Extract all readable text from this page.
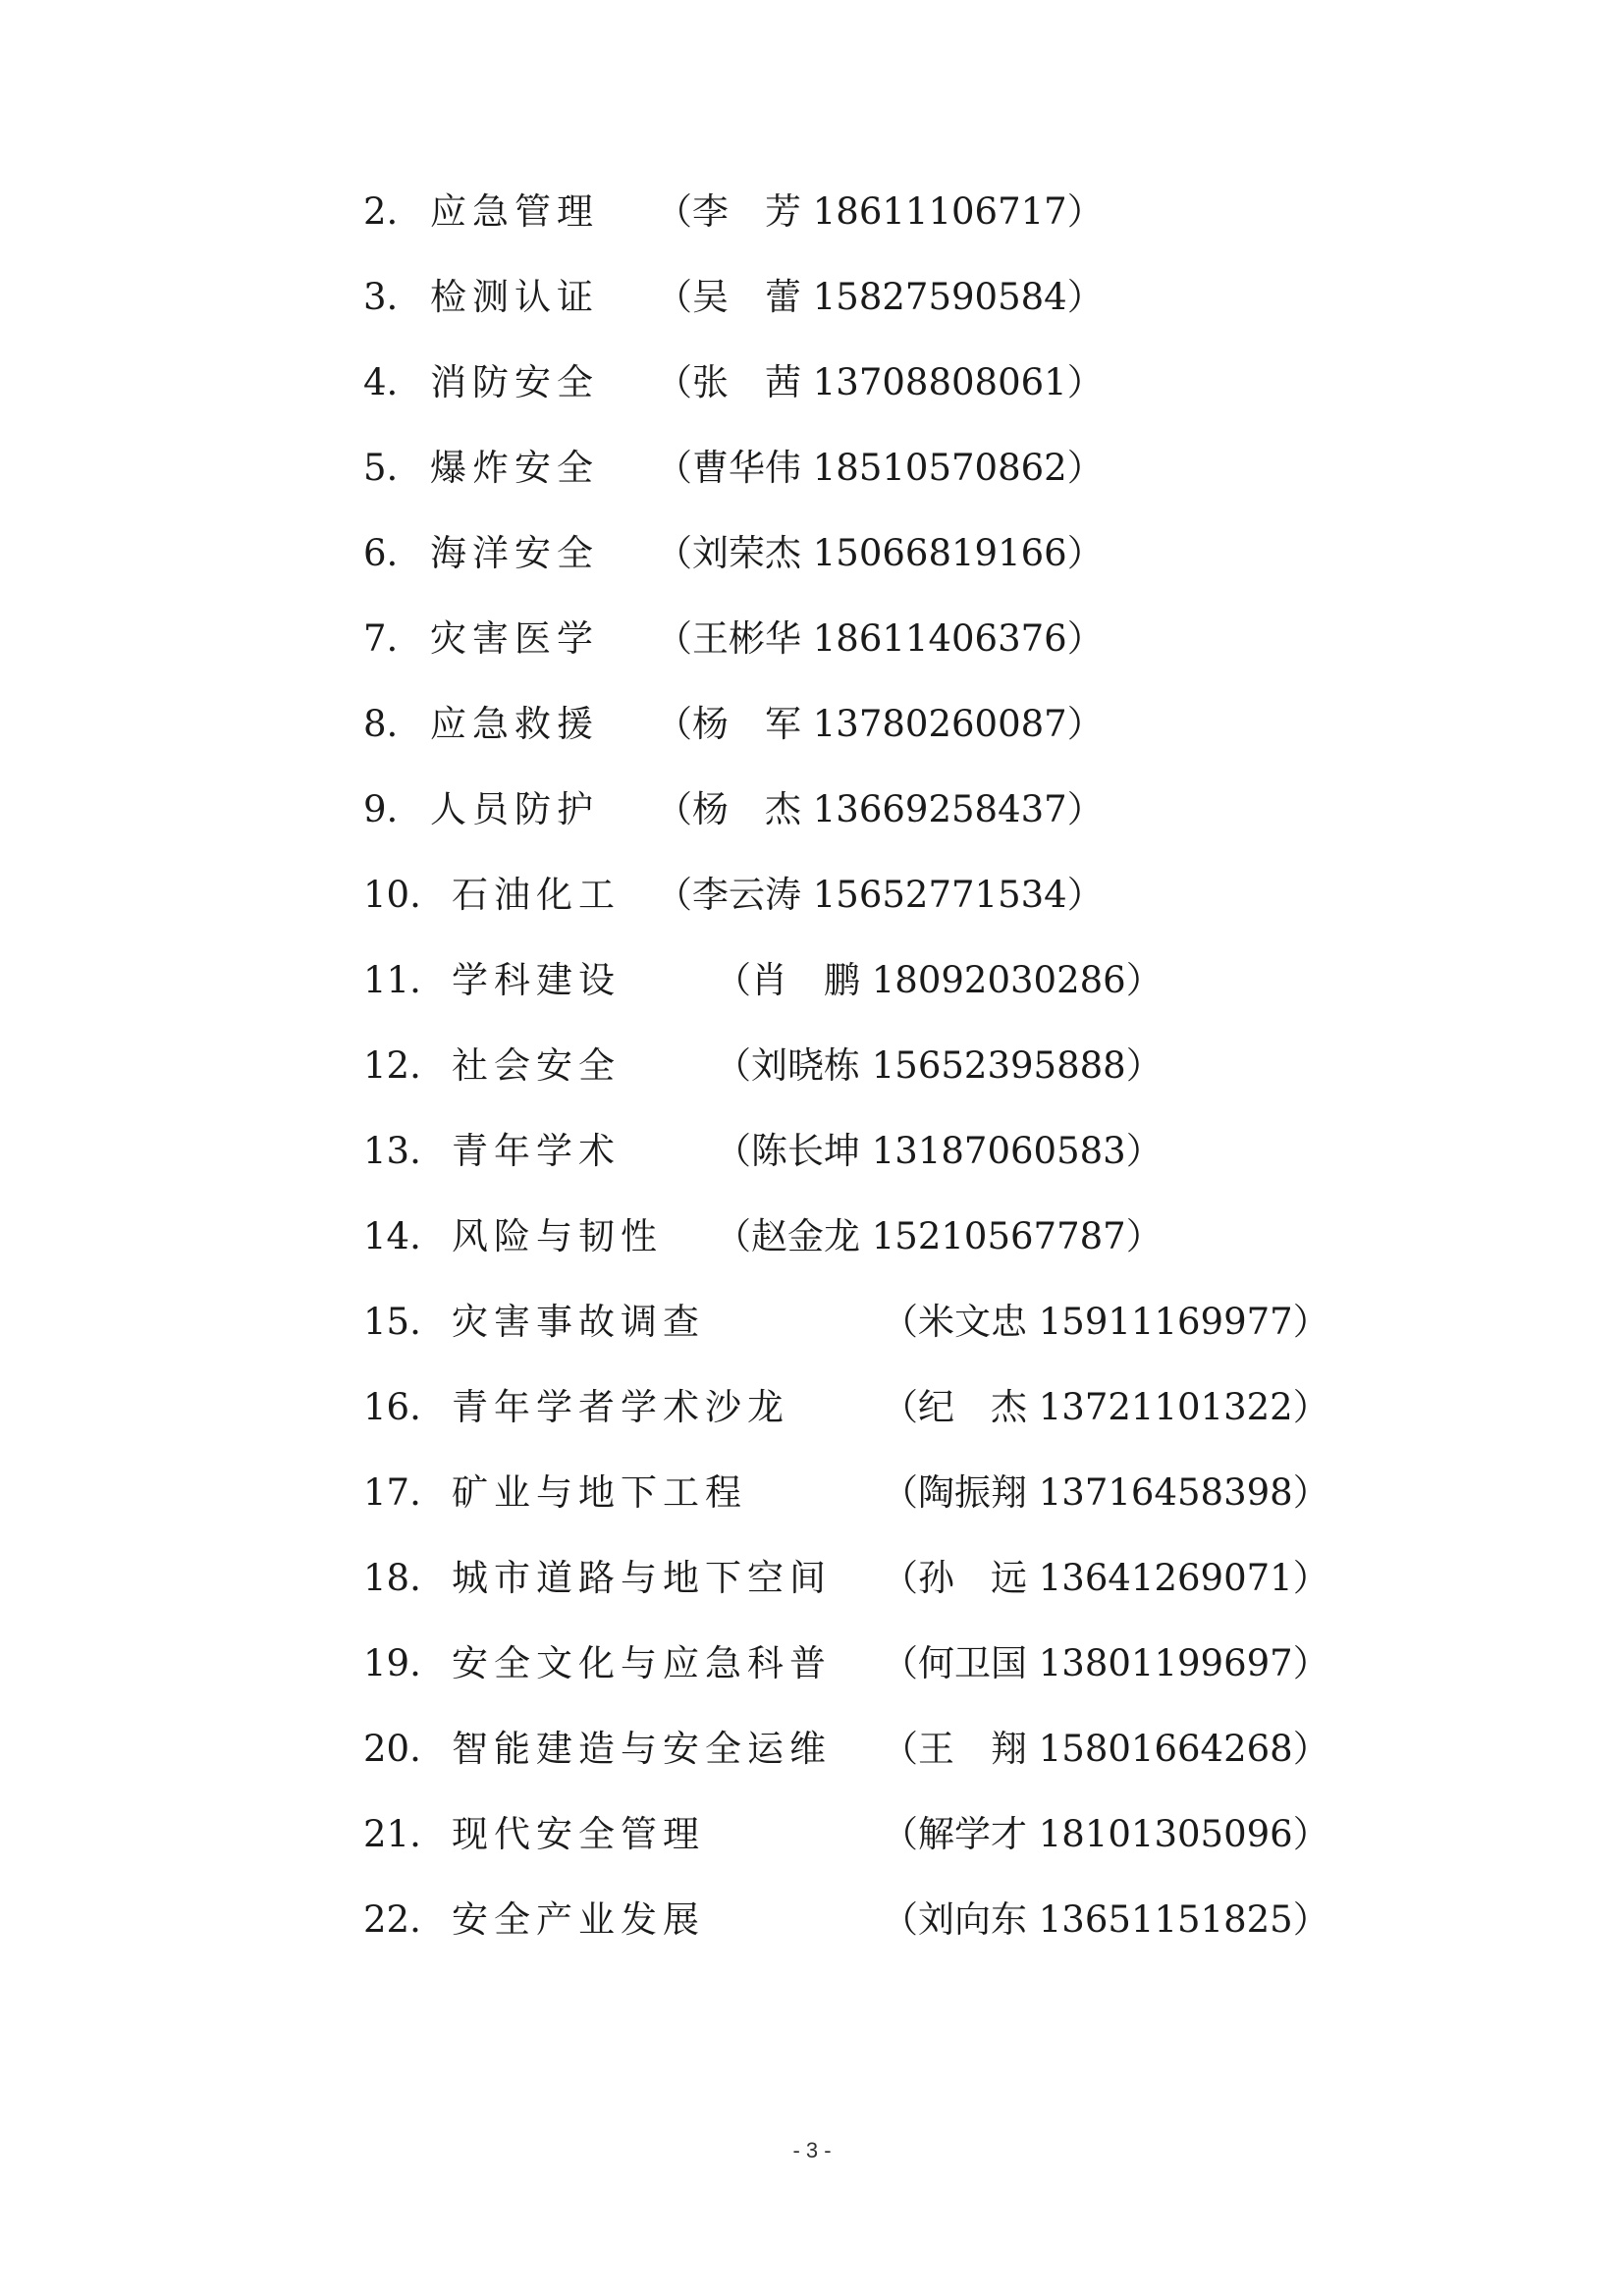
2. 应急管理 （李　芳 18611106717）
3. 检测认证 （吴　蕾 15827590584）
4. 消防安全 （张　茜 13708808061）
5. 爆炸安全 （曹华伟 18510570862）
6. 海洋安全 （刘荣杰 15066819166）
7. 灾害医学 （王彬华 18611406376）
8. 应急救援 （杨　军 13780260087）
9. 人员防护 （杨　杰 13669258437）
10. 石油化工 （李云涛 15652771534）
11. 学科建设	（肖　鹏 18092030286）
12. 社会安全	（刘晓栋 15652395888）
13. 青年学术	（陈长坤 13187060583）
14. 风险与韧性 （赵金龙 15210567787）
15. 灾害事故调查	（米文忠 15911169977）
16. 青年学者学术沙龙	（纪　杰 13721101322）
17. 矿业与地下工程	（陶振翔 13716458398）
18. 城市道路与地下空间 （孙　远 13641269071）
19. 安全文化与应急科普 （何卫国 13801199697）
20. 智能建造与安全运维 （王　翔 15801664268）
21. 现代安全管理	（解学才 18101305096）
22. 安全产业发展	（刘向东 13651151825）
- 3 -
